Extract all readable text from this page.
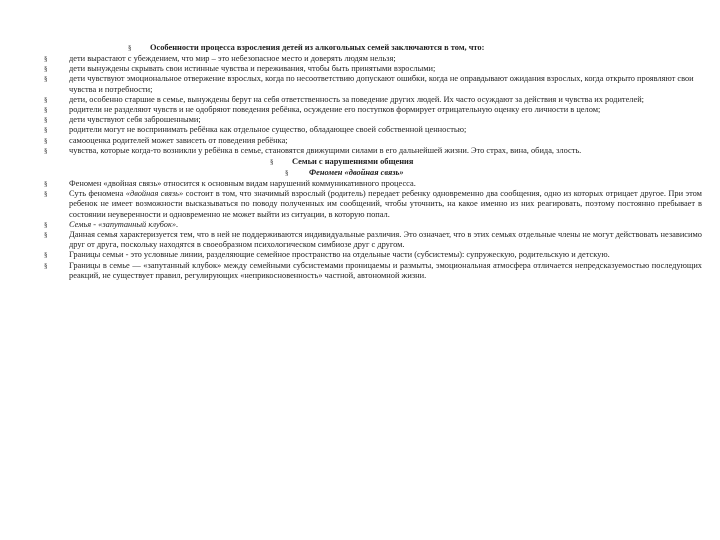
§ Особенности процесса взросления детей из алкогольных семей заключаются в том, что:
§	дети вырастают с убеждением, что мир – это небезопасное место и доверять людям нельзя;
§	дети вынуждены скрывать свои истинные чувства и переживания, чтобы быть принятыми взрослыми;
§	дети чувствуют эмоциональное отвержение взрослых, когда по несоответствию допускают ошибки, когда не оправдывают ожидания взрослых, когда открыто проявляют свои чувства и потребности;
§	дети, особенно старшие в семье, вынуждены берут на себя ответственность за поведение других людей. Их часто осуждают за действия и чувства их родителей;
§	родители не разделяют чувств и не одобряют поведения ребёнка, осуждение его поступков формирует отрицательную оценку его личности в целом;
§	дети чувствуют себя заброшенными;
§	родители могут не воспринимать ребёнка как отдельное существо, обладающее своей собственной ценностью;
§	самооценка родителей может зависеть от поведения ребёнка;
§	чувства, которые когда-то возникли у ребёнка в семье, становятся движущими силами в его дальнейшей жизни. Это страх, вина, обида, злость.
§ Семьи с нарушениями общения
§ Феномен «двойная связь»
§	Феномен «двойная связь» относится к основным видам нарушений коммуникативного процесса.
§	Суть феномена «двойная связь» состоит в том, что значимый взрослый (родитель) передает ребенку одновременно два сообщения, одно из которых отрицает другое. При этом ребенок не имеет возможности высказываться по поводу полученных им сообщений, чтобы уточнить, на какое именно из них реагировать, поэтому постоянно пребывает в состоянии неуверенности и одновременно не может выйти из ситуации, в которую попал.
§	Семья - «запутанный клубок».
§	Данная семья характеризуется тем, что в ней не поддерживаются индивидуальные различия. Это означает, что в этих семьях отдельные члены не могут действовать независимо друг от друга, поскольку находятся в своеобразном психологическом симбиозе друг с другом.
§	Границы семьи - это условные линии, разделяющие семейное пространство на отдельные части (субсистемы): супружескую, родительскую и детскую.
§	Границы в семье — «запутанный клубок» между семейными субсистемами проницаемы и размыты, эмоциональная атмосфера отличается непредсказуемостью последующих реакций, не существует правил, регулирующих «неприкосновенность» частной, автономной жизни.
